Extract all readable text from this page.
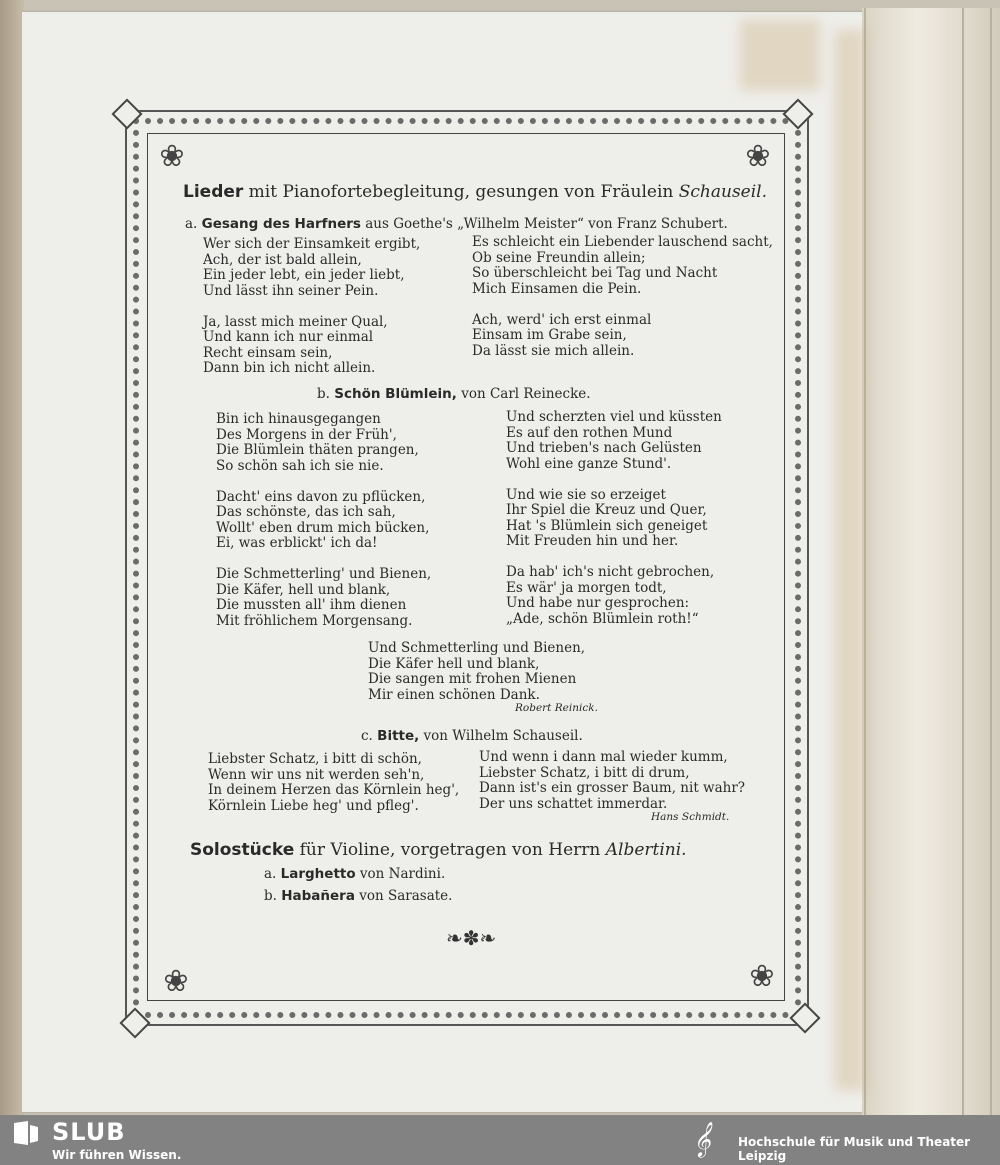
❀	❀
❀	❀
Lieder mit Pianofortebegleitung, gesungen von Fräulein Schauseil.
a. Gesang des Harfners aus Goethe's „Wilhelm Meister“ von Franz Schubert.
Wer sich der Einsamkeit ergibt,
Ach, der ist bald allein,
Ein jeder lebt, ein jeder liebt,
Und lässt ihn seiner Pein.

Ja, lasst mich meiner Qual,
Und kann ich nur einmal
Recht einsam sein,
Dann bin ich nicht allein.
Es schleicht ein Liebender lauschend sacht,
Ob seine Freundin allein;
So überschleicht bei Tag und Nacht
Mich Einsamen die Pein.

Ach, werd' ich erst einmal
Einsam im Grabe sein,
Da lässt sie mich allein.
b. Schön Blümlein, von Carl Reinecke.
Bin ich hinausgegangen
Des Morgens in der Früh',
Die Blümlein thäten prangen,
So schön sah ich sie nie.

Dacht' eins davon zu pflücken,
Das schönste, das ich sah,
Wollt' eben drum mich bücken,
Ei, was erblickt' ich da!

Die Schmetterling' und Bienen,
Die Käfer, hell und blank,
Die mussten all' ihm dienen
Mit fröhlichem Morgensang.
Und scherzten viel und küssten
Es auf den rothen Mund
Und trieben's nach Gelüsten
Wohl eine ganze Stund'.

Und wie sie so erzeiget
Ihr Spiel die Kreuz und Quer,
Hat 's Blümlein sich geneiget
Mit Freuden hin und her.

Da hab' ich's nicht gebrochen,
Es wär' ja morgen todt,
Und habe nur gesprochen:
„Ade, schön Blümlein roth!“
Und Schmetterling und Bienen,
Die Käfer hell und blank,
Die sangen mit frohen Mienen
Mir einen schönen Dank.
Robert Reinick.
c. Bitte, von Wilhelm Schauseil.
Liebster Schatz, i bitt di schön,
Wenn wir uns nit werden seh'n,
In deinem Herzen das Körnlein heg',
Körnlein Liebe heg' und pfleg'.
Und wenn i dann mal wieder kumm,
Liebster Schatz, i bitt di drum,
Dann ist's ein grosser Baum, nit wahr?
Der uns schattet immerdar.
Hans Schmidt.
Solostücke für Violine, vorgetragen von Herrn Albertini.
a. Larghetto von Nardini.
b. Habañera von Sarasate.
❧✽❧
SLUB
Wir führen Wissen.	𝄞	Hochschule für Musik und Theater Leipzig
